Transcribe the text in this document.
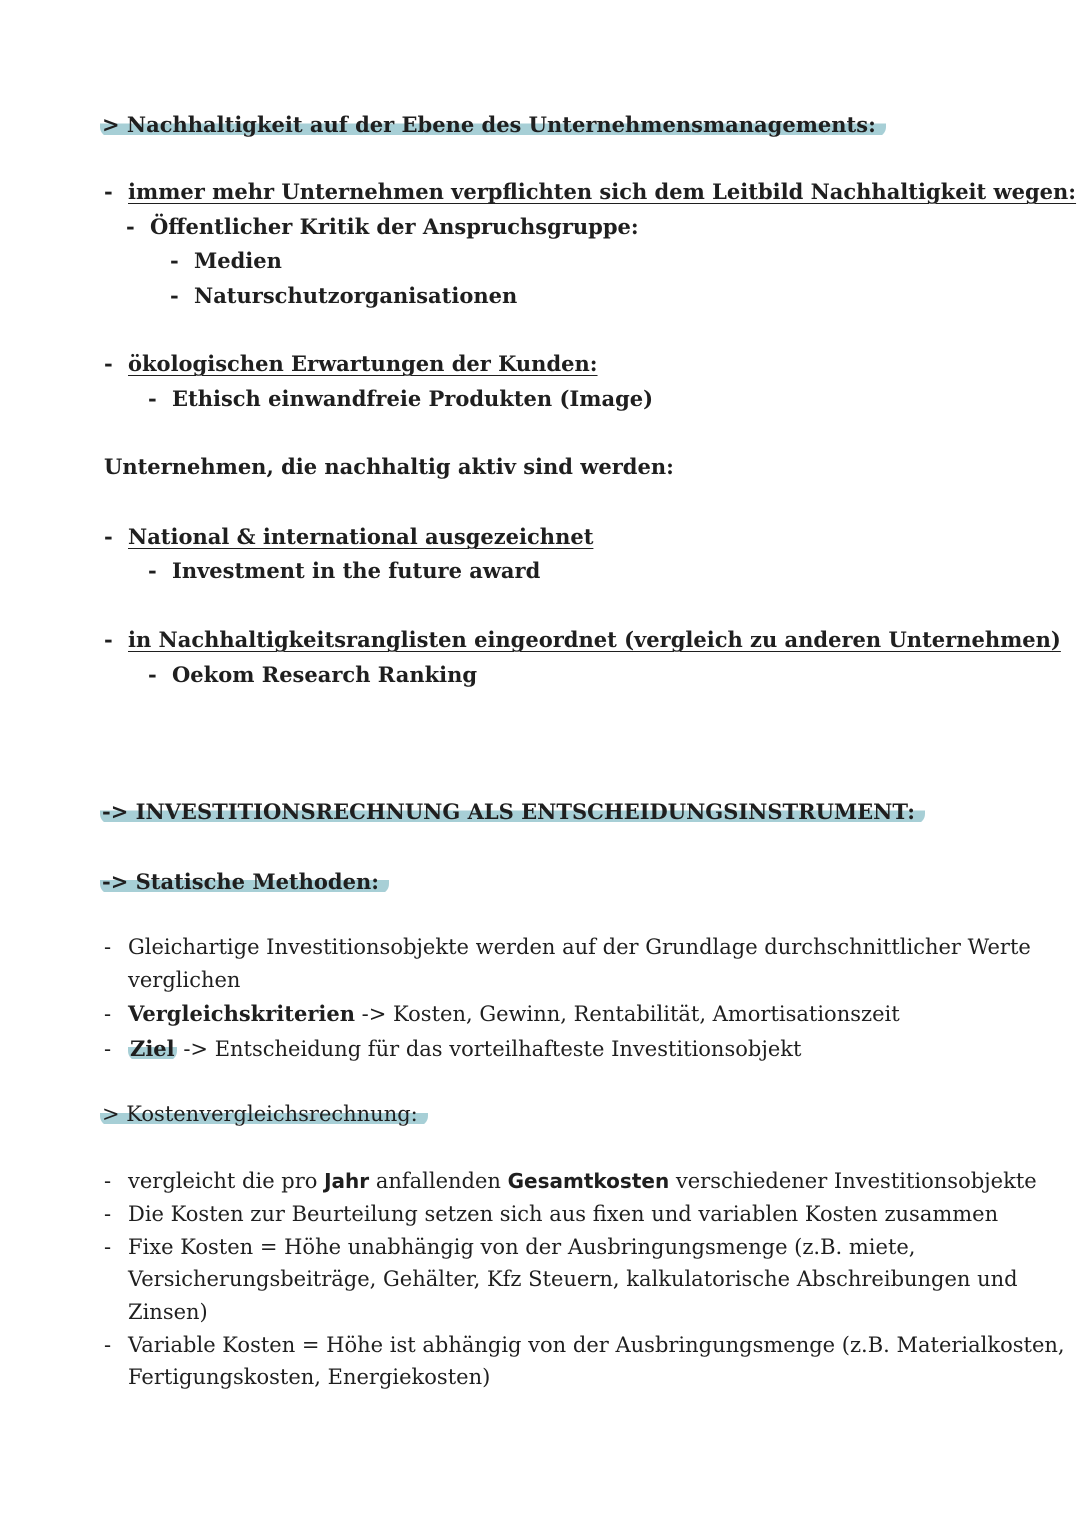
> Nachhaltigkeit auf der Ebene des Unternehmensmanagements:
- immer mehr Unternehmen verpflichten sich dem Leitbild Nachhaltigkeit wegen:
- Öffentlicher Kritik der Anspruchsgruppe:
- Medien
- Naturschutzorganisationen
- ökologischen Erwartungen der Kunden:
- Ethisch einwandfreie Produkten (Image)
Unternehmen, die nachhaltig aktiv sind werden:
- National & international ausgezeichnet
- Investment in the future award
- in Nachhaltigkeitsranglisten eingeordnet (vergleich zu anderen Unternehmen)
- Oekom Research Ranking
-> INVESTITIONSRECHNUNG ALS ENTSCHEIDUNGSINSTRUMENT:
-> Statische Methoden:
- Gleichartige Investitionsobjekte werden auf der Grundlage durchschnittlicher Werte
verglichen
- Vergleichskriterien -> Kosten, Gewinn, Rentabilität, Amortisationszeit
- Ziel -> Entscheidung für das vorteilhafteste Investitionsobjekt
> Kostenvergleichsrechnung:
- vergleicht die pro Jahr anfallenden Gesamtkosten verschiedener Investitionsobjekte
- Die Kosten zur Beurteilung setzen sich aus fixen und variablen Kosten zusammen
- Fixe Kosten = Höhe unabhängig von der Ausbringungsmenge (z.B. miete,
Versicherungsbeiträge, Gehälter, Kfz Steuern, kalkulatorische Abschreibungen und
Zinsen)
- Variable Kosten = Höhe ist abhängig von der Ausbringungsmenge (z.B. Materialkosten,
Fertigungskosten, Energiekosten)
